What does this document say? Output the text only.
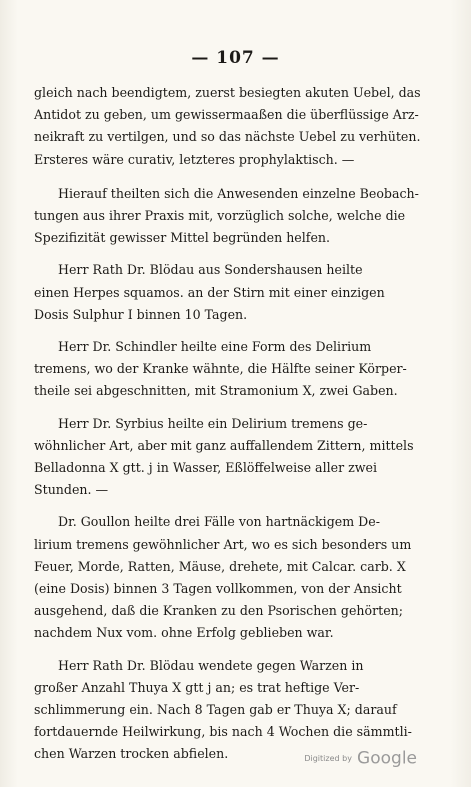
— 107 —

gleich nach beendigtem, zuerst besiegten akuten Uebel, das
Antidot zu geben, um gewissermaaßen die überflüssige Arz-
neikraft zu vertilgen, und so das nächste Uebel zu verhüten.
Ersteres wäre curativ, letzteres prophylaktisch. —

Hierauf theilten sich die Anwesenden einzelne Beobach-
tungen aus ihrer Praxis mit, vorzüglich solche, welche die
Spezifizität gewisser Mittel begründen helfen.

Herr Rath Dr. Blödau aus Sondershausen heilte
einen Herpes squamos. an der Stirn mit einer einzigen
Dosis Sulphur I binnen 10 Tagen.

Herr Dr. Schindler heilte eine Form des Delirium
tremens, wo der Kranke wähnte, die Hälfte seiner Körper-
theile sei abgeschnitten, mit Stramonium X, zwei Gaben.

Herr Dr. Syrbius heilte ein Delirium tremens ge-
wöhnlicher Art, aber mit ganz auffallendem Zittern, mittels
Belladonna X gtt. j in Wasser, Eßlöffelweise aller zwei
Stunden. —

Dr. Goullon heilte drei Fälle von hartnäckigem De-
lirium tremens gewöhnlicher Art, wo es sich besonders um
Feuer, Morde, Ratten, Mäuse, drehete, mit Calcar. carb. X
(eine Dosis) binnen 3 Tagen vollkommen, von der Ansicht
ausgehend, daß die Kranken zu den Psorischen gehörten;
nachdem Nux vom. ohne Erfolg geblieben war.

Herr Rath Dr. Blödau wendete gegen Warzen in
großer Anzahl Thuya X gtt j an; es trat heftige Ver-
schlimmerung ein. Nach 8 Tagen gab er Thuya X; darauf
fortdauernde Heilwirkung, bis nach 4 Wochen die sämmtli-
chen Warzen trocken abfielen.	Digitized by Google
